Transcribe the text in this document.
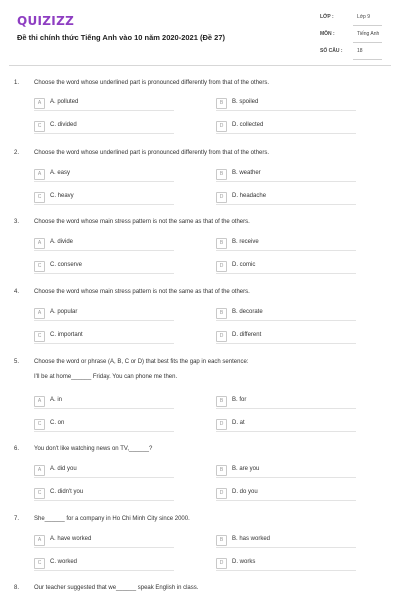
QUIZIZZ
Đề thi chính thức Tiếng Anh vào 10 năm 2020-2021 (Đề 27)
LỚP :	Lớp 9
MÔN :	Tiếng Anh
SỐ CÂU :	18
1. Choose the word whose underlined part is pronounced differently from that of the others.
A	A. polluted	B	B. spoiled
C	C. divided	D	D. collected
2. Choose the word whose underlined part is pronounced differently from that of the others.
A	A. easy	B	B. weather
C	C. heavy	D	D. headache
3. Choose the word whose main stress pattern is not the same as that of the others.
A	A. divide	B	B. receive
C	C. conserve	D	D. comic
4. Choose the word whose main stress pattern is not the same as that of the others.
A	A. popular	B	B. decorate
C	C. important	D	D. different
5. Choose the word or phrase (A, B, C or D) that best fits the gap in each sentence:
I'll be at home______ Friday. You can phone me then.
A	A. in	B	B. for
C	C. on	D	D. at
6. You don't like watching news on TV,______?
A	A. did you	B	B. are you
C	C. didn't you	D	D. do you
7. She______ for a company in Ho Chi Minh City since 2000.
A	A. have worked	B	B. has worked
C	C. worked	D	D. works
8. Our teacher suggested that we______ speak English in class.
